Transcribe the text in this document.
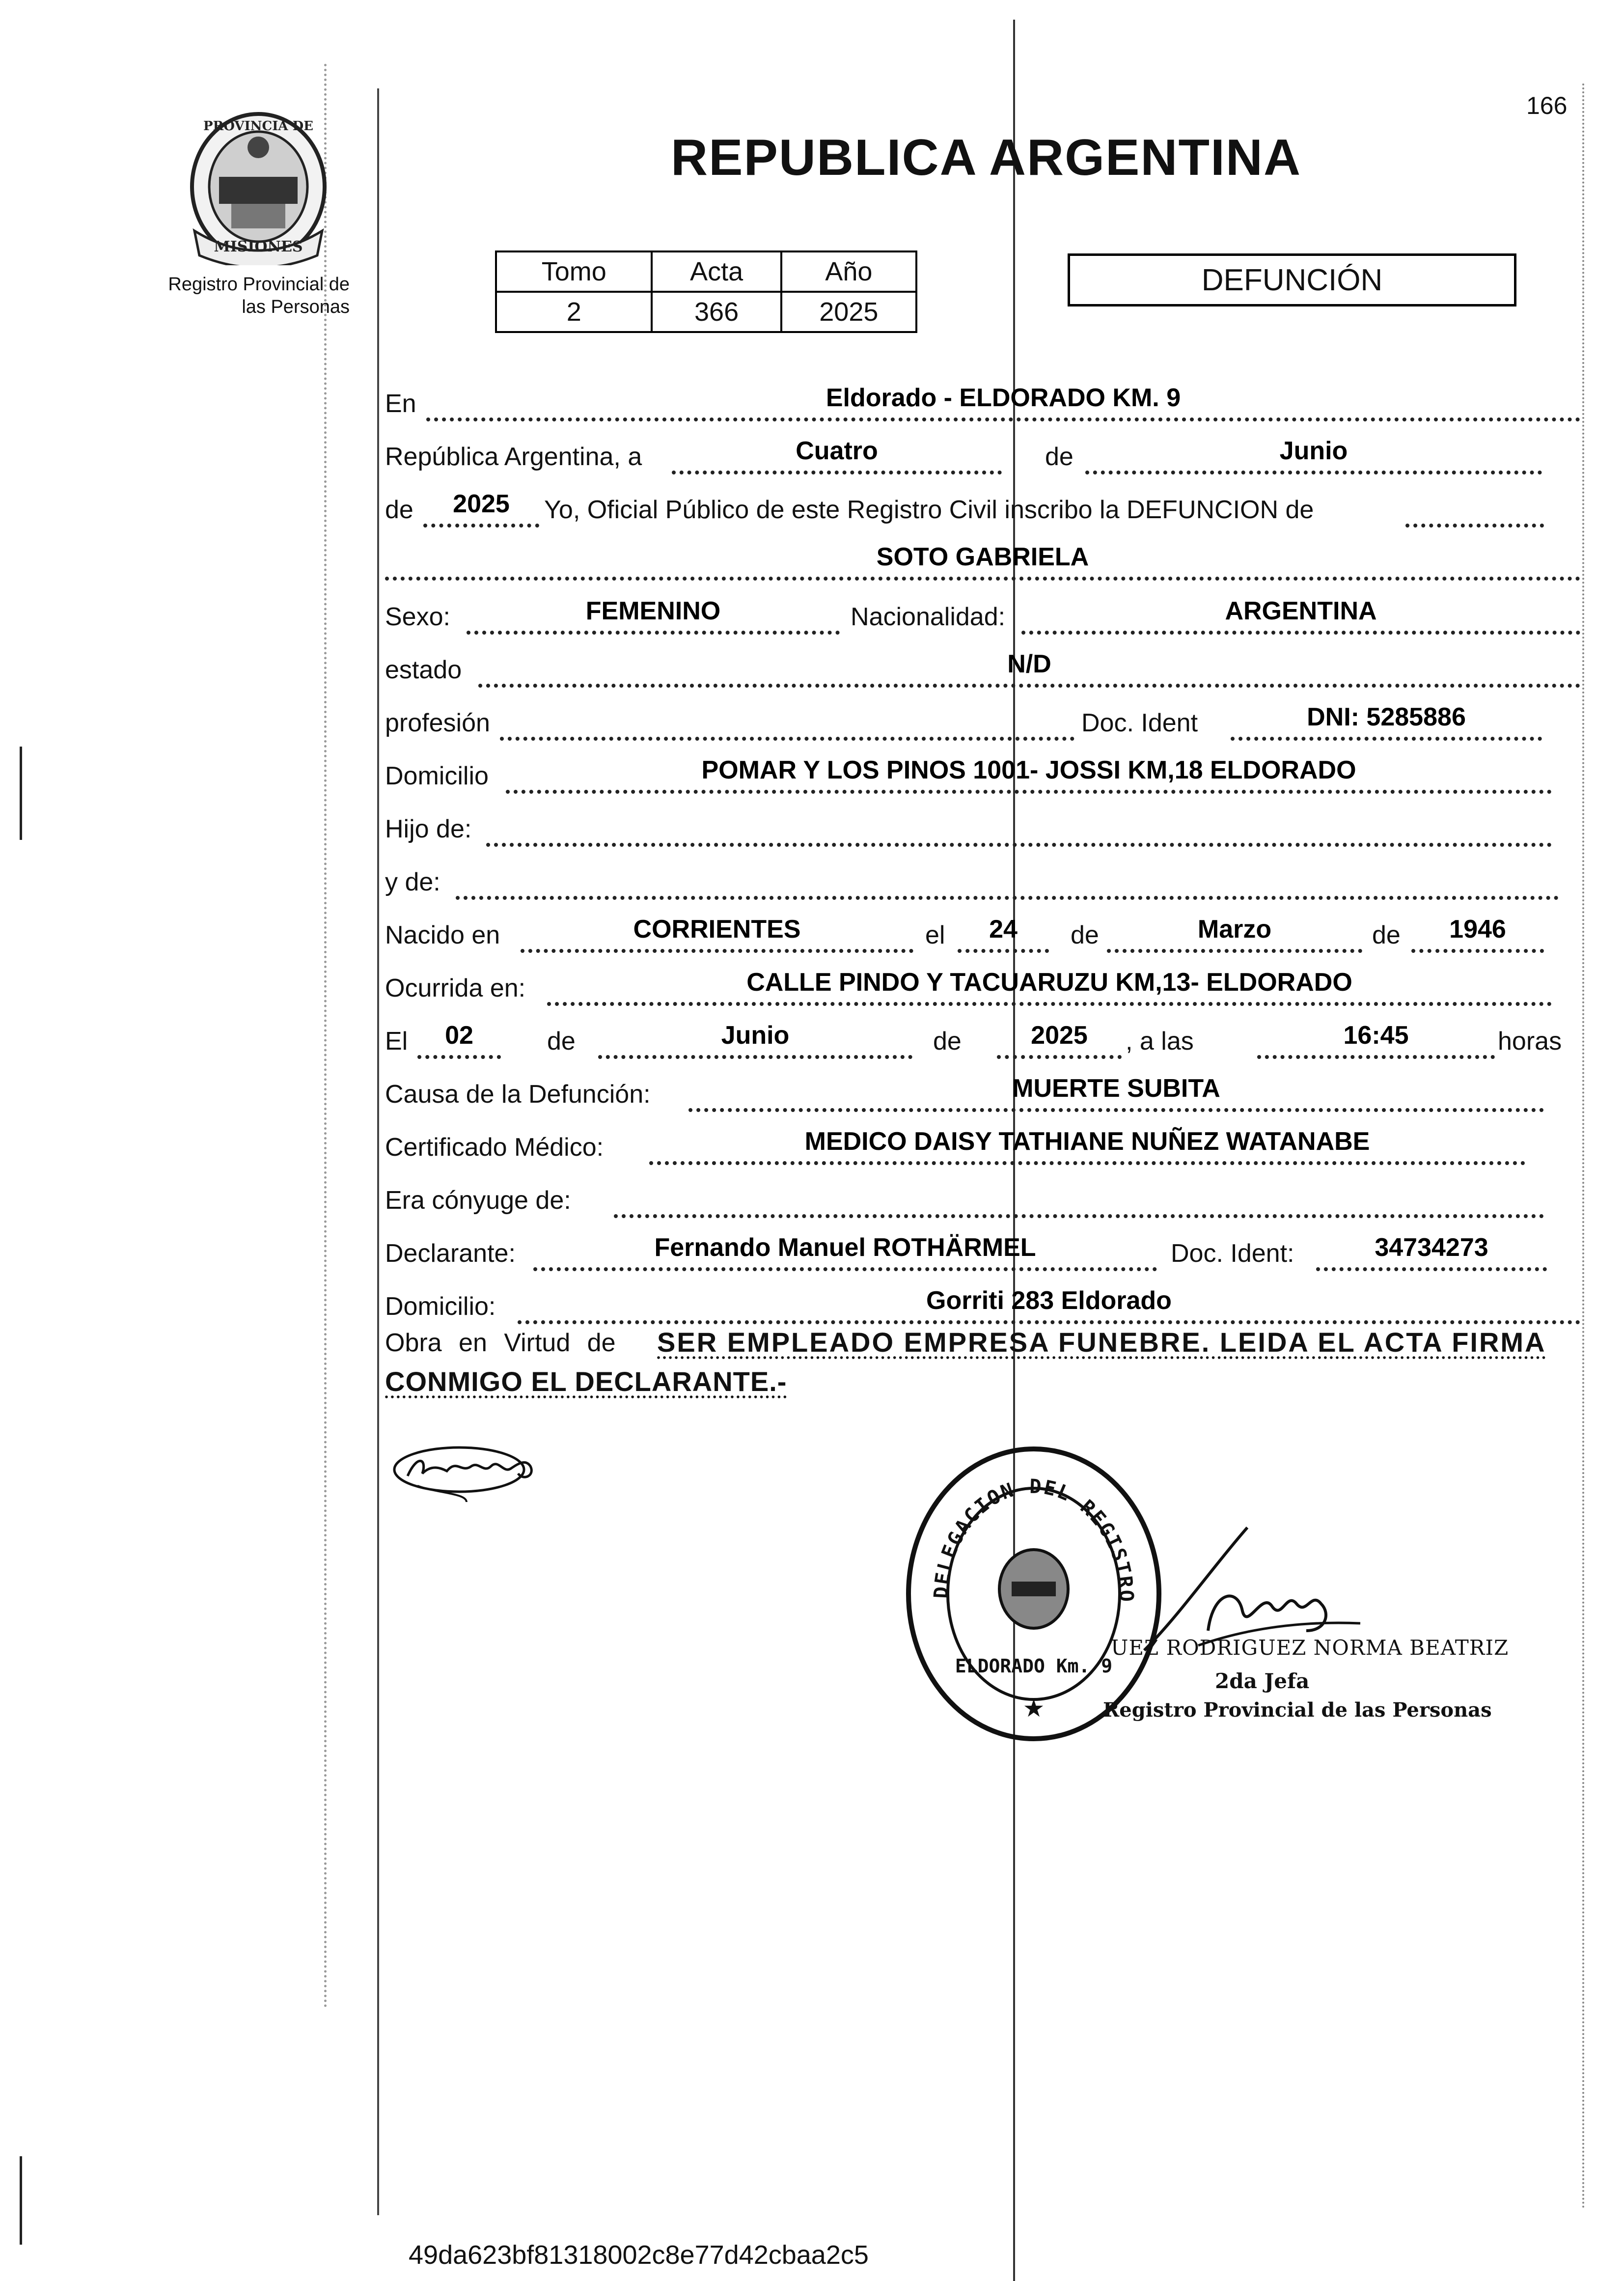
166
PROVINCIA DE
MISIONES
Registro Provincial de
las Personas
REPUBLICA ARGENTINA
Tomo	Acta	Año
2	366	2025
DEFUNCIÓN
En	Eldorado - ELDORADO KM. 9
República Argentina, a	Cuatro	de	Junio
de	2025	Yo, Oficial Público de este Registro Civil inscribo la DEFUNCION de
SOTO GABRIELA
Sexo:	FEMENINO	Nacionalidad:	ARGENTINA
estado	N/D
profesión	Doc. Ident	DNI: 5285886
Domicilio	POMAR Y LOS PINOS 1001- JOSSI KM,18 ELDORADO
Hijo de:
y de:
Nacido en	CORRIENTES	el	24	de	Marzo	de	1946
Ocurrida en:	CALLE PINDO Y TACUARUZU KM,13- ELDORADO
El	02	de	Junio	de	2025	, a las	16:45	horas
Causa de la Defunción:	MUERTE SUBITA
Certificado Médico:	MEDICO DAISY TATHIANE NUÑEZ WATANABE
Era cónyuge de:
Declarante:	Fernando Manuel ROTHÄRMEL	Doc. Ident:	34734273
Domicilio:	Gorriti 283 Eldorado
Obra en Virtud de SER EMPLEADO EMPRESA FUNEBRE. LEIDA EL ACTA FIRMA
CONMIGO EL DECLARANTE.-
DELEGACION DEL REGISTRO
ELDORADO Km. 9
★
UEZ RODRIGUEZ NORMA BEATRIZ
2da Jefa
Registro Provincial de las Personas
49da623bf81318002c8e77d42cbaa2c5
